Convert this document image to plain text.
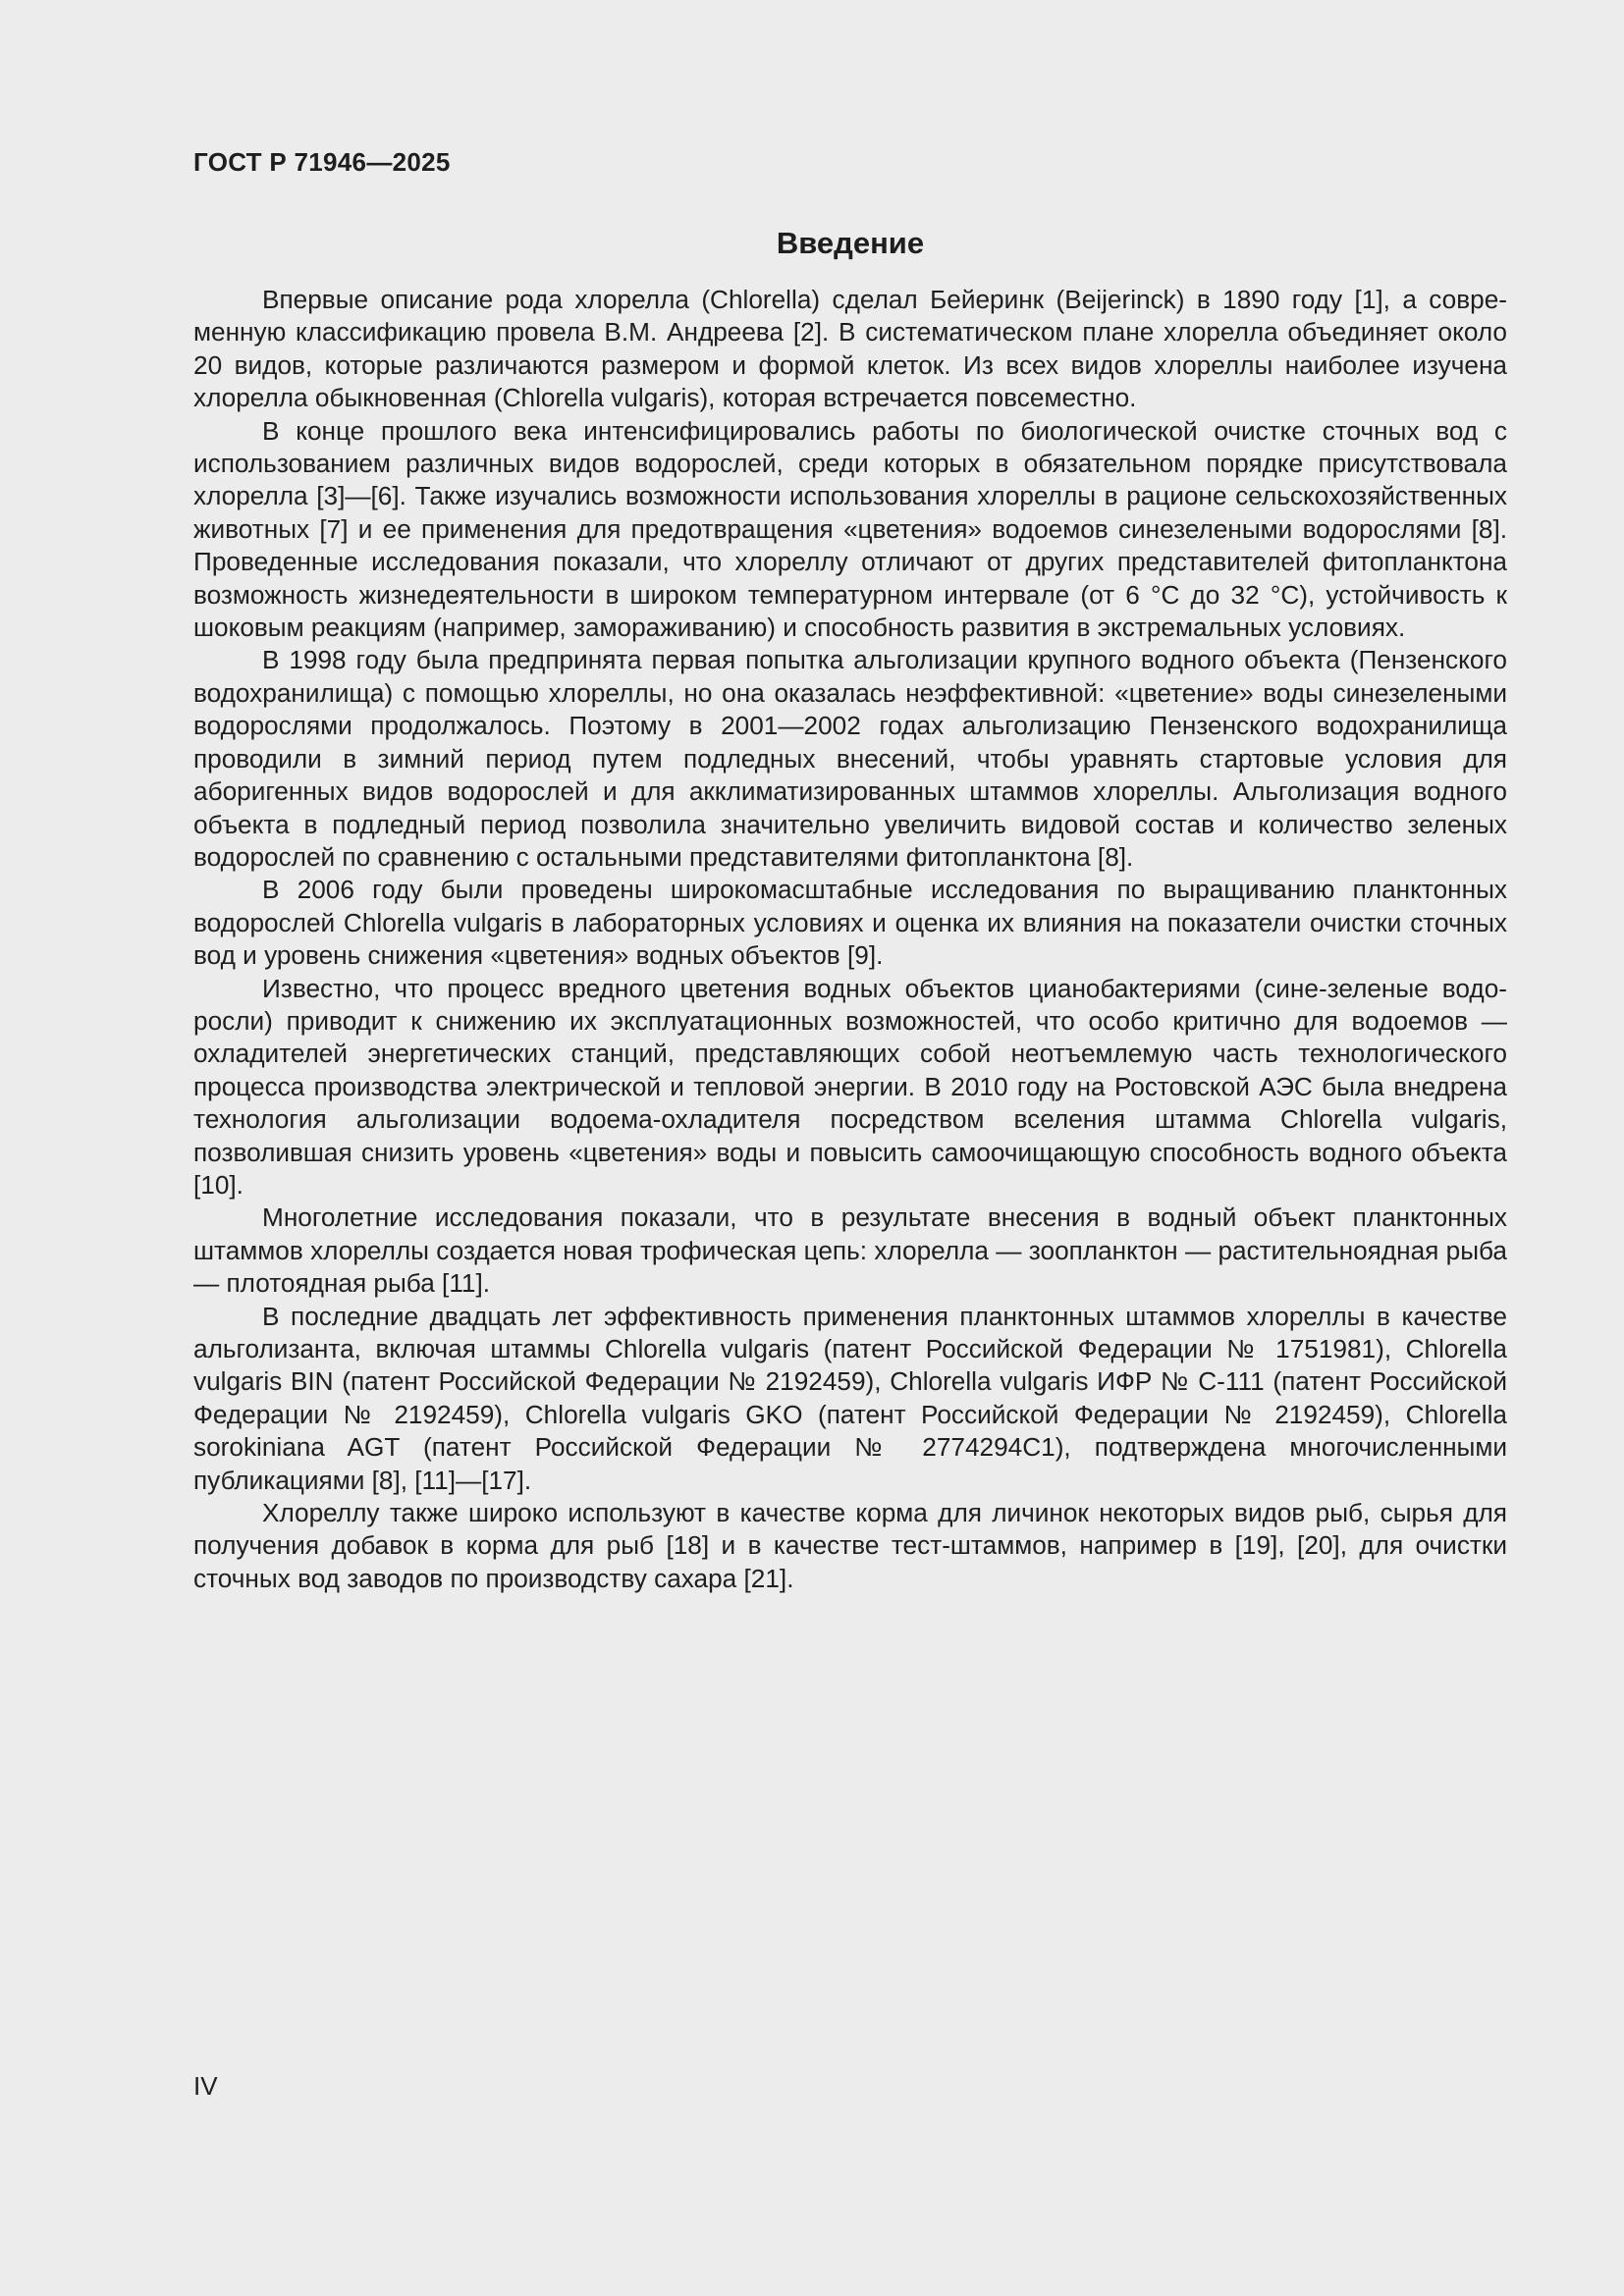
ГОСТ Р 71946—2025

Введение

Впервые описание рода хлорелла (Chlorella) сделал Бейеринк (Beijerinck) в 1890 году [1], а современную классификацию провела В.М. Андреева [2]. В систематическом плане хлорелла объединяет около 20 видов, которые различаются размером и формой клеток. Из всех видов хлореллы наиболее изучена хлорелла обыкновенная (Chlorella vulgaris), которая встречается повсеместно.

В конце прошлого века интенсифицировались работы по биологической очистке сточных вод с использованием различных видов водорослей, среди которых в обязательном порядке присутствовала хлорелла [3]—[6]. Также изучались возможности использования хлореллы в рационе сельскохозяйственных животных [7] и ее применения для предотвращения «цветения» водоемов синезелеными водорослями [8]. Проведенные исследования показали, что хлореллу отличают от других представителей фитопланктона возможность жизнедеятельности в широком температурном интервале (от 6 °C до 32 °C), устойчивость к шоковым реакциям (например, замораживанию) и способность развития в экстремальных условиях.

В 1998 году была предпринята первая попытка альголизации крупного водного объекта (Пензенского водохранилища) с помощью хлореллы, но она оказалась неэффективной: «цветение» воды синезелеными водорослями продолжалось. Поэтому в 2001—2002 годах альголизацию Пензенского водохранилища проводили в зимний период путем подледных внесений, чтобы уравнять стартовые условия для аборигенных видов водорослей и для акклиматизированных штаммов хлореллы. Альголизация водного объекта в подледный период позволила значительно увеличить видовой состав и количество зеленых водорослей по сравнению с остальными представителями фитопланктона [8].

В 2006 году были проведены широкомасштабные исследования по выращиванию планктонных водорослей Chlorella vulgaris в лабораторных условиях и оценка их влияния на показатели очистки сточных вод и уровень снижения «цветения» водных объектов [9].

Известно, что процесс вредного цветения водных объектов цианобактериями (сине-зеленые водоросли) приводит к снижению их эксплуатационных возможностей, что особо критично для водоемов — охладителей энергетических станций, представляющих собой неотъемлемую часть технологического процесса производства электрической и тепловой энергии. В 2010 году на Ростовской АЭС была внедрена технология альголизации водоема-охладителя посредством вселения штамма Chlorella vulgaris, позволившая снизить уровень «цветения» воды и повысить самоочищающую способность водного объекта [10].

Многолетние исследования показали, что в результате внесения в водный объект планктонных штаммов хлореллы создается новая трофическая цепь: хлорелла — зоопланктон — растительноядная рыба — плотоядная рыба [11].

В последние двадцать лет эффективность применения планктонных штаммов хлореллы в качестве альголизанта, включая штаммы Chlorella vulgaris (патент Российской Федерации № 1751981), Chlorella vulgaris BIN (патент Российской Федерации № 2192459), Chlorella vulgaris ИФР № С-111 (патент Российской Федерации № 2192459), Chlorella vulgaris GKO (патент Российской Федерации № 2192459), Chlorella sorokiniana AGT (патент Российской Федерации № 2774294C1), подтверждена многочисленными публикациями [8], [11]—[17].

Хлореллу также широко используют в качестве корма для личинок некоторых видов рыб, сырья для получения добавок в корма для рыб [18] и в качестве тест-штаммов, например в [19], [20], для очистки сточных вод заводов по производству сахара [21].

IV
